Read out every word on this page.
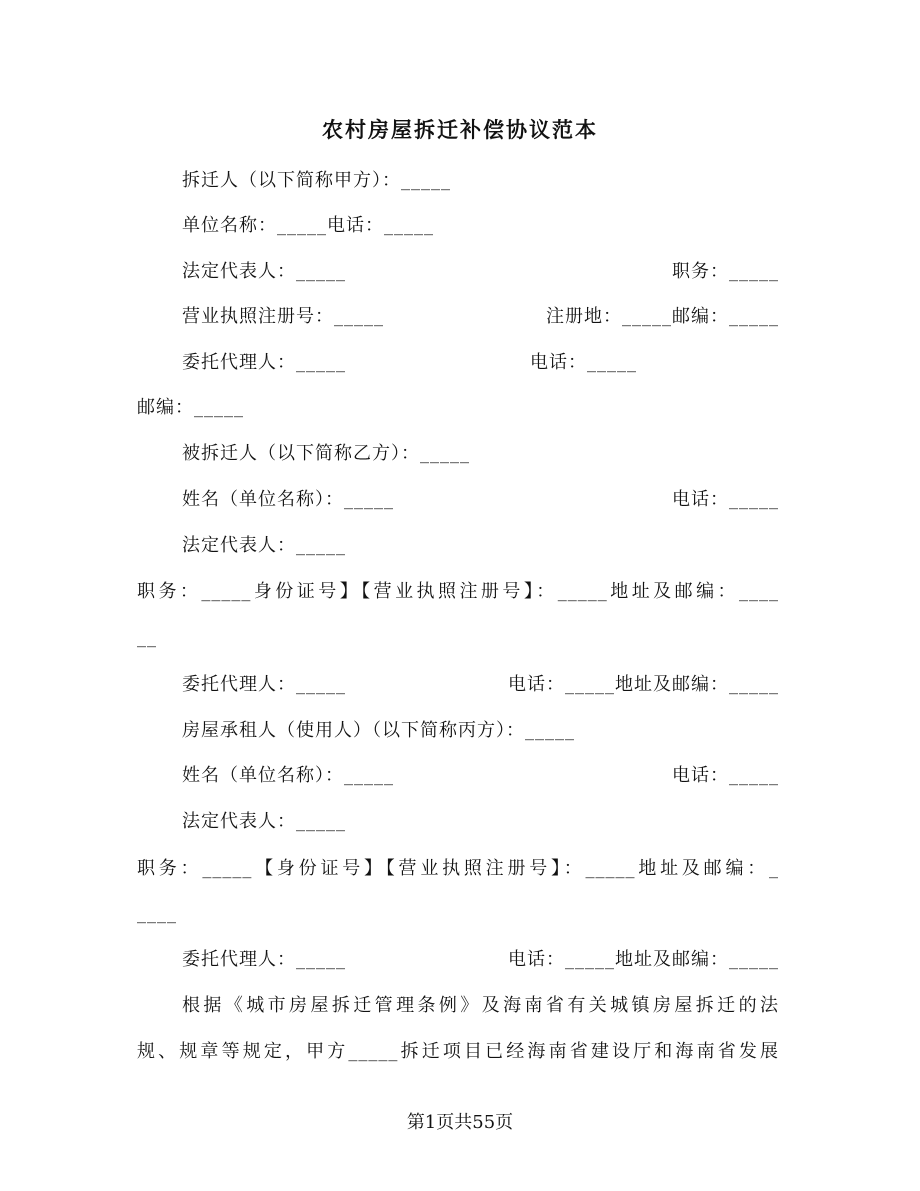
农村房屋拆迁补偿协议范本
拆迁人（以下简称甲方）：_____
单位名称：_____电话：_____
法定代表人：_____	职务：_____
营业执照注册号：_____	注册地：_____邮编：_____
委托代理人：_____	电话：_____
邮编：_____
被拆迁人（以下简称乙方）：_____
姓名（单位名称）：_____	电话：_____
法定代表人：_____
职务：_____身份证号】【营业执照注册号】：_____地址及邮编：____
__
委托代理人：_____	电话：_____地址及邮编：_____
房屋承租人（使用人）（以下简称丙方）：_____
姓名（单位名称）：_____	电话：_____
法定代表人：_____
职务：_____【身份证号】【营业执照注册号】：_____地址及邮编：_
____
委托代理人：_____	电话：_____地址及邮编：_____
根据《城市房屋拆迁管理条例》及海南省有关城镇房屋拆迁的法
规、规章等规定，甲方_____拆迁项目已经海南省建设厅和海南省发展
第1页共55页
